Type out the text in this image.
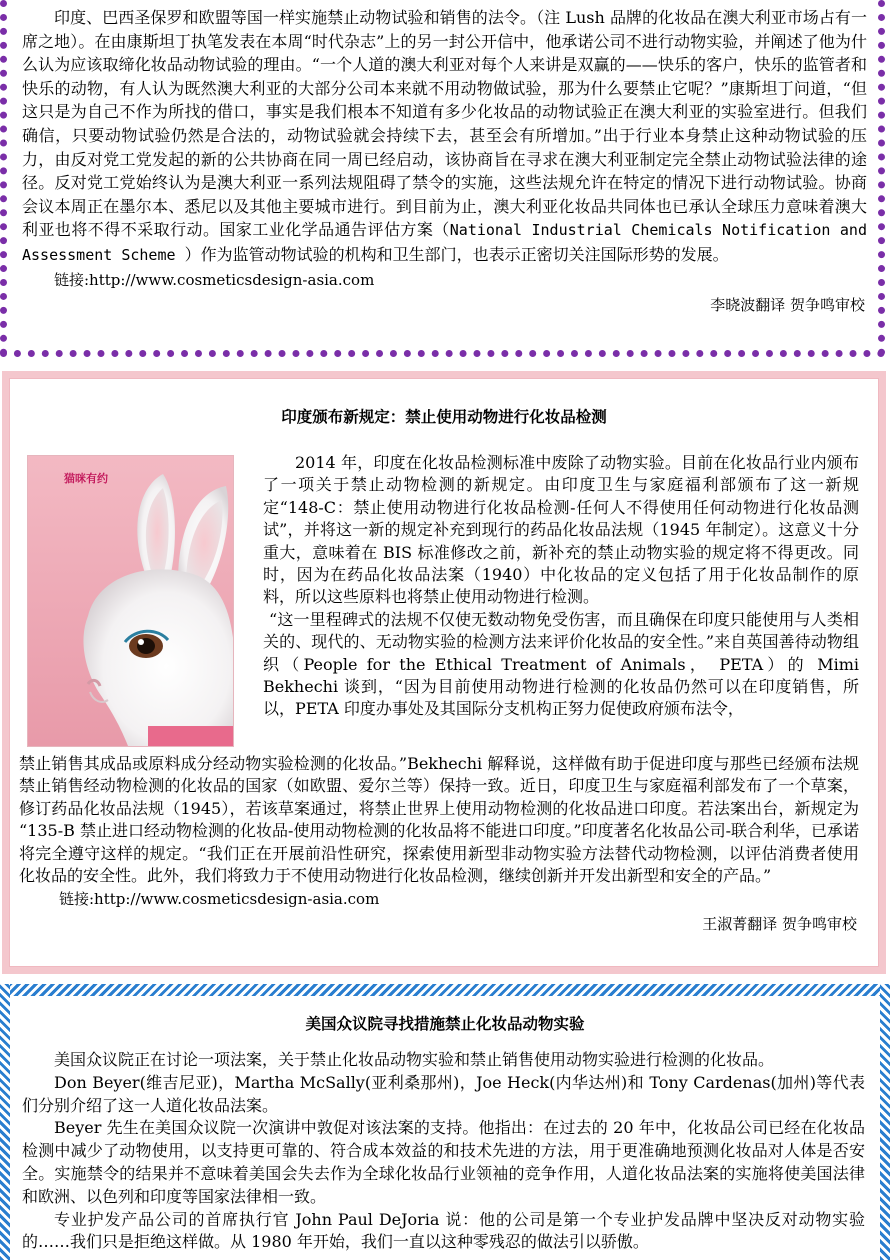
印度、巴西圣保罗和欧盟等国一样实施禁止动物试验和销售的法令。（注 Lush 品牌的化妆品在澳大利亚市场占有一席之地）。在由康斯坦丁执笔发表在本周“时代杂志”上的另一封公开信中，他承诺公司不进行动物实验，并阐述了他为什么认为应该取缔化妆品动物试验的理由。“一个人道的澳大利亚对每个人来讲是双赢的——快乐的客户，快乐的监管者和快乐的动物，有人认为既然澳大利亚的大部分公司本来就不用动物做试验，那为什么要禁止它呢？”康斯坦丁问道，“但这只是为自己不作为所找的借口，事实是我们根本不知道有多少化妆品的动物试验正在澳大利亚的实验室进行。但我们确信，只要动物试验仍然是合法的，动物试验就会持续下去，甚至会有所增加。”出于行业本身禁止这种动物试验的压力，由反对党工党发起的新的公共协商在同一周已经启动，该协商旨在寻求在澳大利亚制定完全禁止动物试验法律的途径。反对党工党始终认为是澳大利亚一系列法规阻碍了禁令的实施，这些法规允许在特定的情况下进行动物试验。协商会议本周正在墨尔本、悉尼以及其他主要城市进行。到目前为止，澳大利亚化妆品共同体也已承认全球压力意味着澳大利亚也将不得不采取行动。国家工业化学品通告评估方案（National Industrial Chemicals Notification and Assessment Scheme ）作为监管动物试验的机构和卫生部门，也表示正密切关注国际形势的发展。

链接:http://www.cosmeticsdesign-asia.com

李晓波翻译 贺争鸣审校

印度颁布新规定：禁止使用动物进行化妆品检测
猫咪有约

2014 年，印度在化妆品检测标准中废除了动物实验。目前在化妆品行业内颁布了一项关于禁止动物检测的新规定。由印度卫生与家庭福利部颁布了这一新规定“148-C：禁止使用动物进行化妆品检测-任何人不得使用任何动物进行化妆品测试”，并将这一新的规定补充到现行的药品化妆品法规（1945 年制定）。这意义十分重大，意味着在 BIS 标准修改之前，新补充的禁止动物实验的规定将不得更改。同时，因为在药品化妆品法案（1940）中化妆品的定义包括了用于化妆品制作的原料，所以这些原料也将禁止使用动物进行检测。

“这一里程碑式的法规不仅使无数动物免受伤害，而且确保在印度只能使用与人类相关的、现代的、无动物实验的检测方法来评价化妆品的安全性。”来自英国善待动物组织（People for the Ethical Treatment of Animals， PETA）的 Mimi Bekhechi 谈到，“因为目前使用动物进行检测的化妆品仍然可以在印度销售，所以，PETA 印度办事处及其国际分支机构正努力促使政府颁布法令，

禁止销售其成品或原料成分经动物实验检测的化妆品。”Bekhechi 解释说，这样做有助于促进印度与那些已经颁布法规禁止销售经动物检测的化妆品的国家（如欧盟、爱尔兰等）保持一致。近日，印度卫生与家庭福利部发布了一个草案，修订药品化妆品法规（1945），若该草案通过，将禁止世界上使用动物检测的化妆品进口印度。若法案出台，新规定为 “135-B 禁止进口经动物检测的化妆品-使用动物检测的化妆品将不能进口印度。”印度著名化妆品公司-联合利华，已承诺将完全遵守这样的规定。“我们正在开展前沿性研究，探索使用新型非动物实验方法替代动物检测，以评估消费者使用化妆品的安全性。此外，我们将致力于不使用动物进行化妆品检测，继续创新并开发出新型和安全的产品。”

链接:http://www.cosmeticsdesign-asia.com

王淑菁翻译 贺争鸣审校

美国众议院寻找措施禁止化妆品动物实验

美国众议院正在讨论一项法案，关于禁止化妆品动物实验和禁止销售使用动物实验进行检测的化妆品。

Don Beyer(维吉尼亚)，Martha McSally(亚利桑那州)，Joe Heck(内华达州)和 Tony Cardenas(加州)等代表们分别介绍了这一人道化妆品法案。

Beyer 先生在美国众议院一次演讲中敦促对该法案的支持。他指出：在过去的 20 年中，化妆品公司已经在化妆品检测中减少了动物使用，以支持更可靠的、符合成本效益的和技术先进的方法，用于更准确地预测化妆品对人体是否安全。实施禁令的结果并不意味着美国会失去作为全球化妆品行业领袖的竞争作用，人道化妆品法案的实施将使美国法律和欧洲、以色列和印度等国家法律相一致。

专业护发产品公司的首席执行官 John Paul DeJoria 说：他的公司是第一个专业护发品牌中坚决反对动物实验的……我们只是拒绝这样做。从 1980 年开始，我们一直以这种零残忍的做法引以骄傲。
